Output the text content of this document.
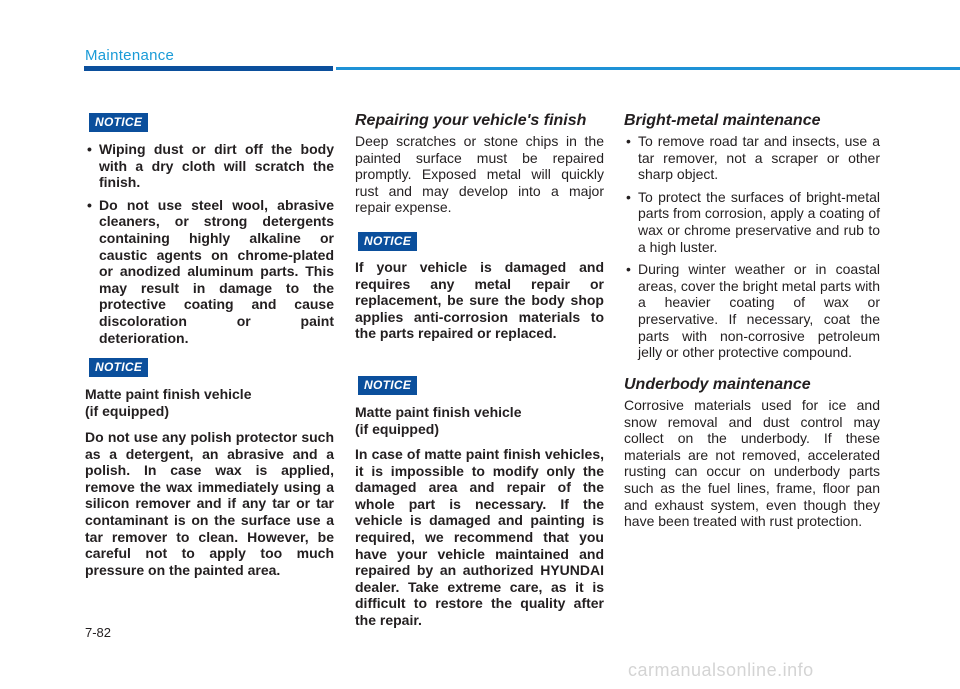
Maintenance
NOTICE
• Wiping dust or dirt off the body with a dry cloth will scratch the finish.
• Do not use steel wool, abrasive cleaners, or strong detergents containing highly alkaline or caustic agents on chrome-plated or anodized aluminum parts. This may result in damage to the protective coating and cause discoloration or paint deterioration.
NOTICE
Matte paint finish vehicle
(if equipped)

Do not use any polish protector such as a detergent, an abrasive and a polish. In case wax is applied, remove the wax immediately using a silicon remover and if any tar or tar contaminant is on the surface use a tar remover to clean. However, be careful not to apply too much pressure on the painted area.

Repairing your vehicle's finish

Deep scratches or stone chips in the painted surface must be repaired promptly. Exposed metal will quickly rust and may develop into a major repair expense.

NOTICE

If your vehicle is damaged and requires any metal repair or replacement, be sure the body shop applies anti-corrosion materials to the parts repaired or replaced.

NOTICE
Matte paint finish vehicle
(if equipped)

In case of matte paint finish vehicles, it is impossible to modify only the damaged area and repair of the whole part is necessary. If the vehicle is damaged and painting is required, we recommend that you have your vehicle maintained and repaired by an authorized HYUNDAI dealer. Take extreme care, as it is difficult to restore the quality after the repair.

Bright-metal maintenance
• To remove road tar and insects, use a tar remover, not a scraper or other sharp object.
• To protect the surfaces of bright-metal parts from corrosion, apply a coating of wax or chrome preservative and rub to a high luster.
• During winter weather or in coastal areas, cover the bright metal parts with a heavier coating of wax or preservative. If necessary, coat the parts with non-corrosive petroleum jelly or other protective compound.
Underbody maintenance

Corrosive materials used for ice and snow removal and dust control may collect on the underbody. If these materials are not removed, accelerated rusting can occur on underbody parts such as the fuel lines, frame, floor pan and exhaust system, even though they have been treated with rust protection.

7-82
carmanualsonline.info
